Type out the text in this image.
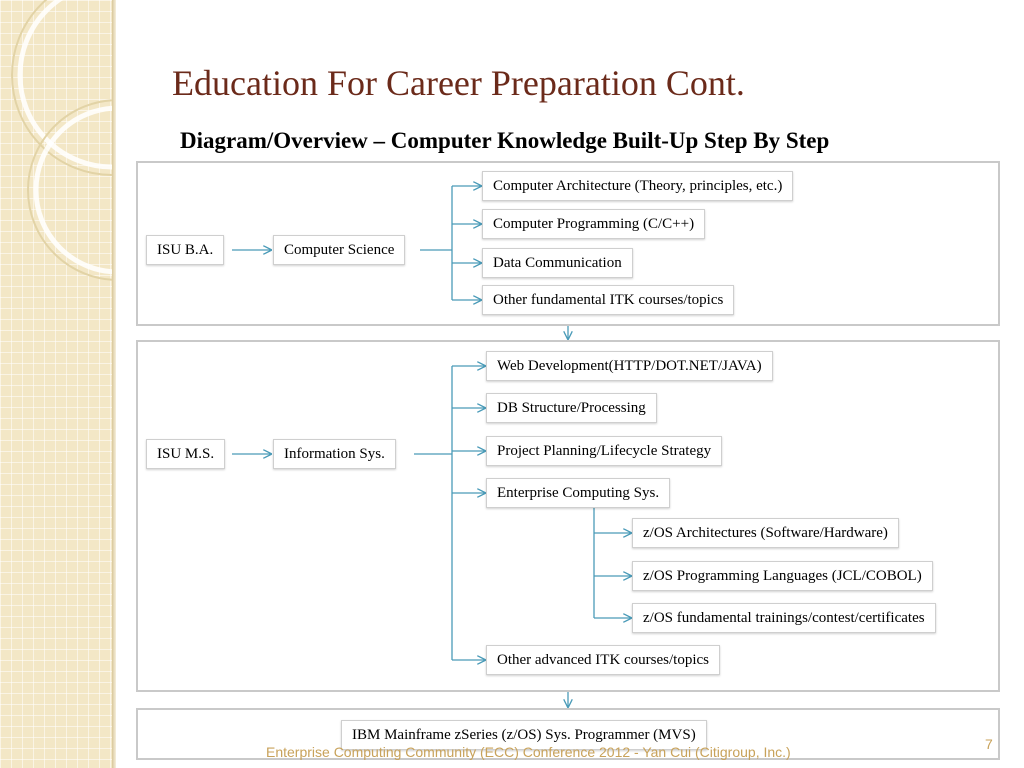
Education For Career Preparation Cont.
Diagram/Overview – Computer Knowledge Built-Up Step By Step
ISU B.A.	Computer Science
Computer Architecture (Theory, principles, etc.)
Computer Programming (C/C++)
Data Communication
Other fundamental ITK courses/topics
ISU M.S.	Information Sys.
Web Development(HTTP/DOT.NET/JAVA)
DB Structure/Processing
Project Planning/Lifecycle Strategy
Enterprise Computing Sys.
z/OS Architectures (Software/Hardware)
z/OS Programming Languages (JCL/COBOL)
z/OS fundamental trainings/contest/certificates
Other advanced ITK courses/topics
IBM Mainframe zSeries (z/OS) Sys. Programmer (MVS)
Enterprise Computing Community (ECC) Conference 2012 - Yan Cui (Citigroup, Inc.)	7
